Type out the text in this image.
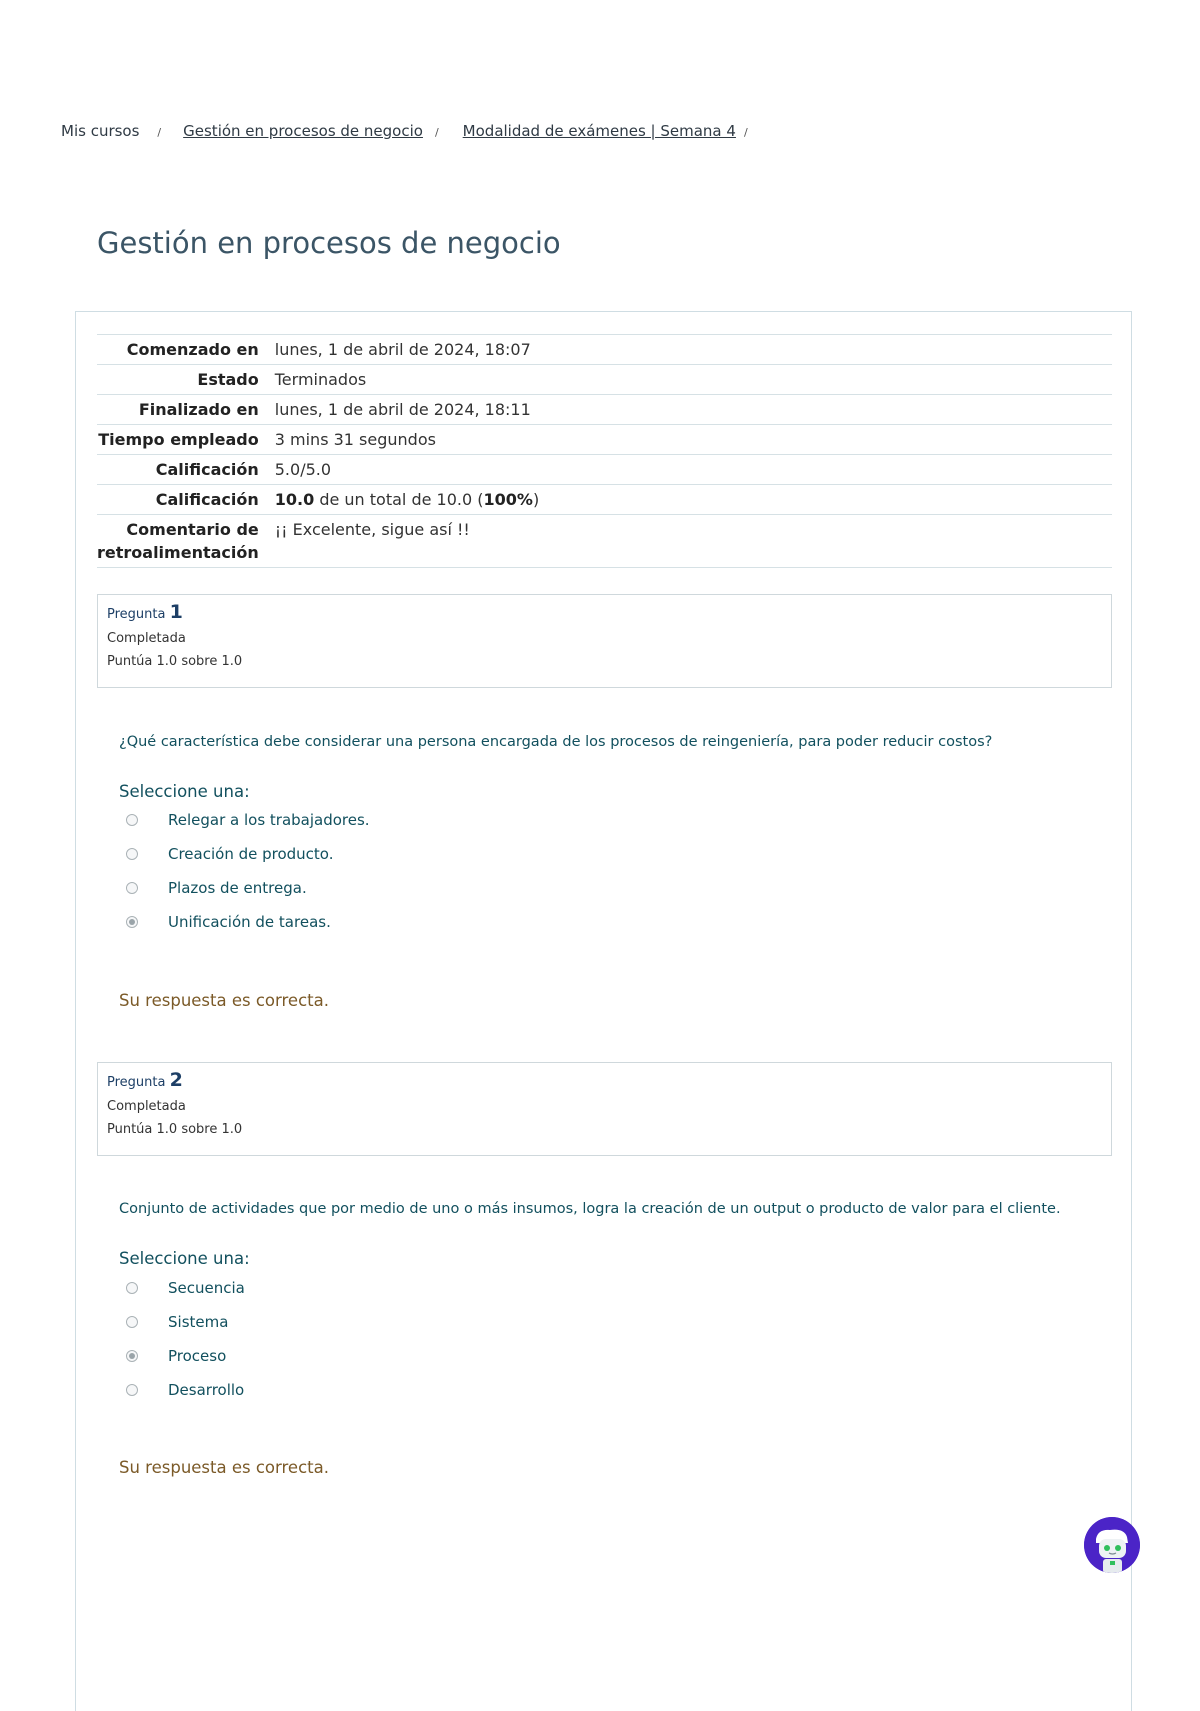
Mis cursos / Gestión en procesos de negocio / Modalidad de exámenes | Semana 4 /
Gestión en procesos de negocio
Comenzado en	lunes, 1 de abril de 2024, 18:07
Estado	Terminados
Finalizado en	lunes, 1 de abril de 2024, 18:11
Tiempo empleado	3 mins 31 segundos
Calificación	5.0/5.0
Calificación	10.0 de un total de 10.0 (100%)
Comentario de retroalimentación	¡¡ Excelente, sigue así !!
Pregunta 1
Completada
Puntúa 1.0 sobre 1.0
¿Qué característica debe considerar una persona encargada de los procesos de reingeniería, para poder reducir costos?
Seleccione una:
Relegar a los trabajadores.
Creación de producto.
Plazos de entrega.
Unificación de tareas.
Su respuesta es correcta.
Pregunta 2
Completada
Puntúa 1.0 sobre 1.0
Conjunto de actividades que por medio de uno o más insumos, logra la creación de un output o producto de valor para el cliente.
Seleccione una:
Secuencia
Sistema
Proceso
Desarrollo
Su respuesta es correcta.
